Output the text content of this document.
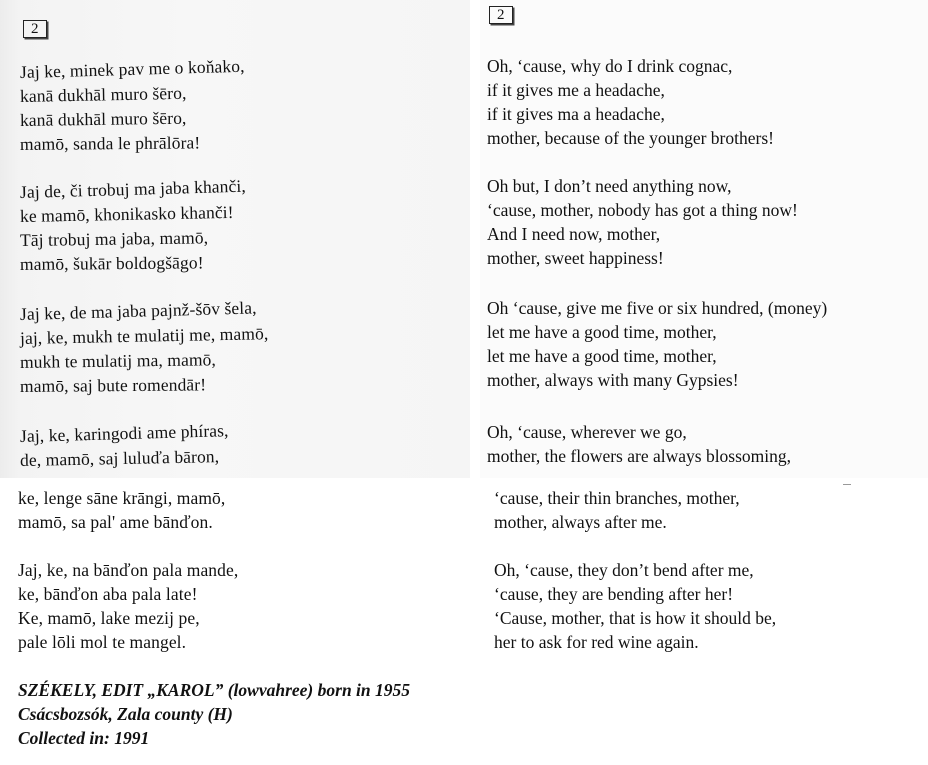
2
2
Jaj ke, minek pav me o koňako,
kanā dukhāl muro šēro,
kanā dukhāl muro šēro,
mamō, sanda le phrālōra!
Jaj de, či trobuj ma jaba khanči,
ke mamō, khonikasko khanči!
Tāj trobuj ma jaba, mamō,
mamō, šukār boldogšāgo!
Jaj ke, de ma jaba pajnž-šōv šela,
jaj, ke, mukh te mulatij me, mamō,
mukh te mulatij ma, mamō,
mamō, saj bute romendār!
Jaj, ke, karingodi ame phíras,
de, mamō, saj luluďa bāron,
ke, lenge sāne krāngi, mamō,
mamō, sa pal' ame bānďon.
Jaj, ke, na bānďon pala mande,
ke, bānďon aba pala late!
Ke, mamō, lake mezij pe,
pale lōli mol te mangel.
Oh, ‘cause, why do I drink cognac,
if it gives me a headache,
if it gives ma a headache,
mother, because of the younger brothers!
Oh but, I don’t need anything now,
‘cause, mother, nobody has got a thing now!
And I need now, mother,
mother, sweet happiness!
Oh ‘cause, give me five or six hundred, (money)
let me have a good time, mother,
let me have a good time, mother,
mother, always with many Gypsies!
Oh, ‘cause, wherever we go,
mother, the flowers are always blossoming,
‘cause, their thin branches, mother,
mother, always after me.
Oh, ‘cause, they don’t bend after me,
‘cause, they are bending after her!
‘Cause, mother, that is how it should be,
her to ask for red wine again.
SZÉKELY, EDIT „KAROL” (lowvahree) born in 1955
Csácsbozsók, Zala county (H)
Collected in: 1991
